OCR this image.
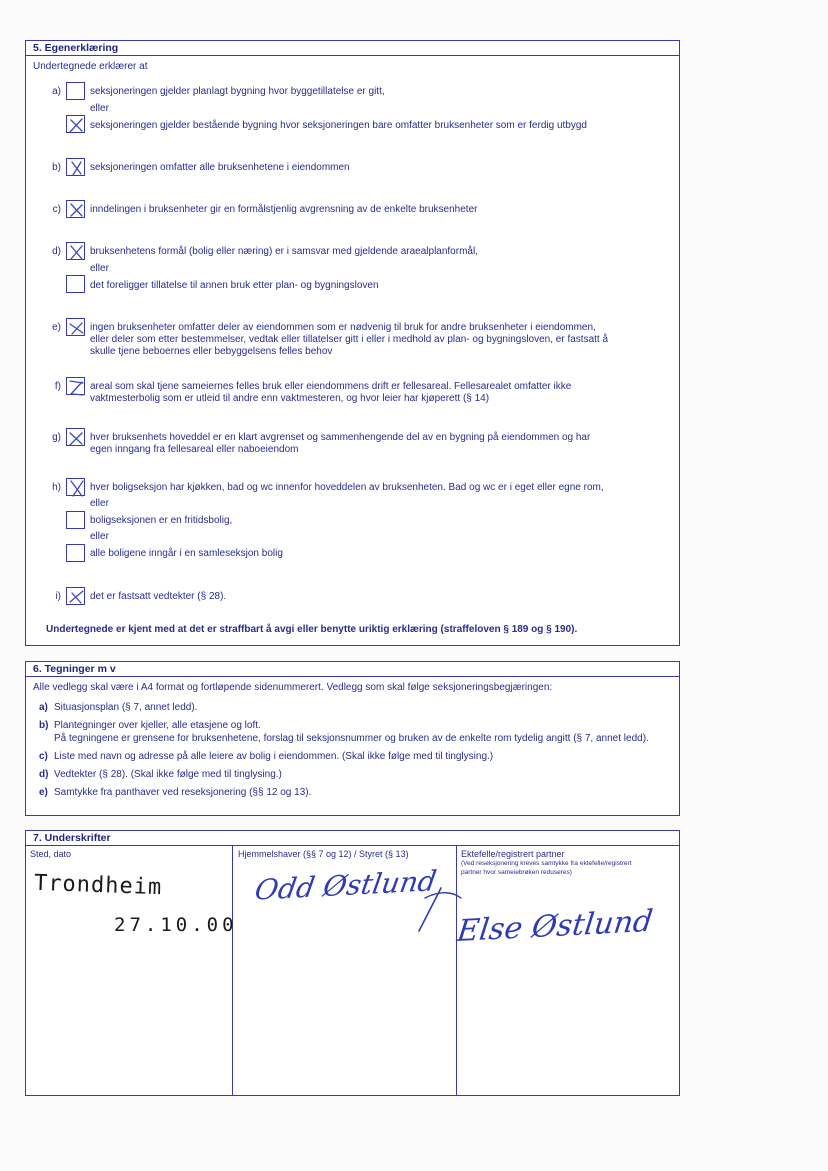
5. Egenerklæring
Undertegnede erklærer at
a)	seksjoneringen gjelder planlagt bygning hvor byggetillatelse er gitt,
eller
seksjoneringen gjelder bestående bygning hvor seksjoneringen bare omfatter bruksenheter som er ferdig utbygd
b)	seksjoneringen omfatter alle bruksenhetene i eiendommen
c)	inndelingen i bruksenheter gir en formålstjenlig avgrensning av de enkelte bruksenheter
d)	bruksenhetens formål (bolig eller næring) er i samsvar med gjeldende araealplanformål,
eller
det foreligger tillatelse til annen bruk etter plan- og bygningsloven
e)	ingen bruksenheter omfatter deler av eiendommen som er nødvenig til bruk for andre bruksenheter i eiendommen,
eller deler som etter bestemmelser, vedtak eller tillatelser gitt i eller i medhold av plan- og bygningsloven, er fastsatt å
skulle tjene beboernes eller bebyggelsens felles behov
f)	areal som skal tjene sameiernes felles bruk eller eiendommens drift er fellesareal. Fellesarealet omfatter ikke
vaktmesterbolig som er utleid til andre enn vaktmesteren, og hvor leier har kjøperett (§ 14)
g)	hver bruksenhets hoveddel er en klart avgrenset og sammenhengende del av en bygning på eiendommen og har
egen inngang fra fellesareal eller naboeiendom
h)	hver boligseksjon har kjøkken, bad og wc innenfor hoveddelen av bruksenheten. Bad og wc er i eget eller egne rom,
eller
boligseksjonen er en fritidsbolig,
eller
alle boligene inngår i en samleseksjon bolig
i)	det er fastsatt vedtekter (§ 28).
Undertegnede er kjent med at det er straffbart å avgi eller benytte uriktig erklæring (straffeloven § 189 og § 190).
6. Tegninger m v
Alle vedlegg skal være i A4 format og fortløpende sidenummerert. Vedlegg som skal følge seksjoneringsbegjæringen:
a) Situasjonsplan (§ 7, annet ledd).
b) Plantegninger over kjeller, alle etasjene og loft.
På tegningene er grensene for bruksenhetene, forslag til seksjonsnummer og bruken av de enkelte rom tydelig angitt (§ 7, annet ledd).
c) Liste med navn og adresse på alle leiere av bolig i eiendommen. (Skal ikke følge med til tinglysing.)
d) Vedtekter (§ 28). (Skal ikke følge med til tinglysing.)
e) Samtykke fra panthaver ved reseksjonering (§§ 12 og 13).
7. Underskrifter
Sted, dato	Hjemmelshaver (§§ 7 og 12) / Styret (§ 13)	Ektefelle/registrert partner
(Ved reseksjonering kreves samtykke fra ektefelle/registrert
partner hvor sameiebrøken reduseres)
Trondheim
27.10.00
Odd Østlund
Else Østlund
